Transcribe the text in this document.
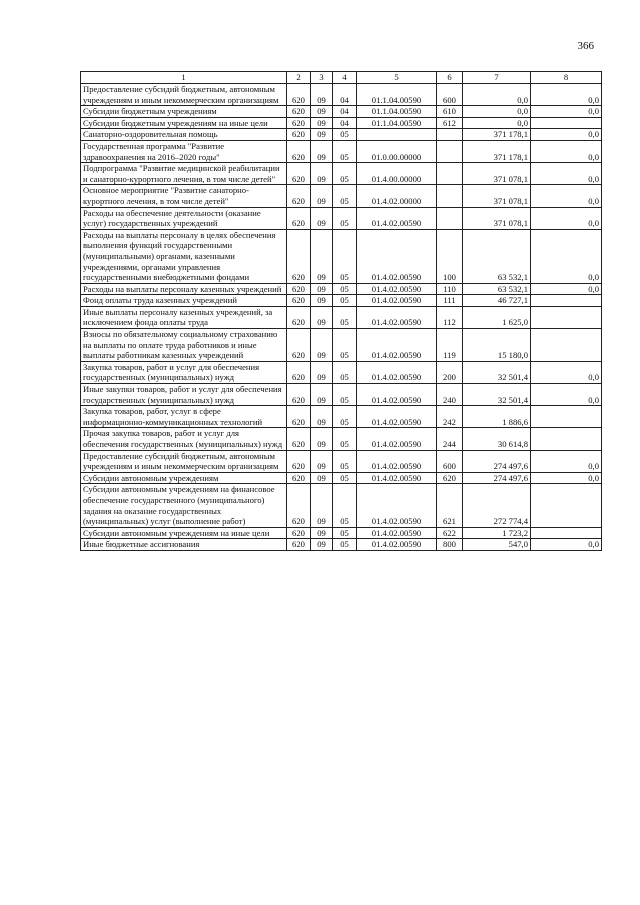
366
1	2	3	4	5	6	7	8
Предоставление субсидий бюджетным, автономным учреждениям и иным некоммерческим организациям	620	09	04	01.1.04.00590	600	0,0	0,0
Субсидии бюджетным учреждениям	620	09	04	01.1.04.00590	610	0,0	0,0
Субсидии бюджетным учреждениям на иные цели	620	09	04	01.1.04.00590	612	0,0	
Санаторно-оздоровительная помощь	620	09	05			371 178,1	0,0
Государственная программа "Развитие здравоохранения на 2016–2020 годы"	620	09	05	01.0.00.00000		371 178,1	0,0
Подпрограмма "Развитие медицинской реабилитации и санаторно-курортного лечения, в том числе детей"	620	09	05	01.4.00.00000		371 078,1	0,0
Основное мероприятие "Развитие санаторно-курортного лечения, в том числе детей"	620	09	05	01.4.02.00000		371 078,1	0,0
Расходы на обеспечение деятельности (оказание услуг) государственных учреждений	620	09	05	01.4.02.00590		371 078,1	0,0
Расходы на выплаты персоналу в целях обеспечения выполнения функций государственными (муниципальными) органами, казенными учреждениями, органами управления государственными внебюджетными фондами	620	09	05	01.4.02.00590	100	63 532,1	0,0
Расходы на выплаты персоналу казенных учреждений	620	09	05	01.4.02.00590	110	63 532,1	0,0
Фонд оплаты труда казенных учреждений	620	09	05	01.4.02.00590	111	46 727,1	
Иные выплаты персоналу казенных учреждений, за исключением фонда оплаты труда	620	09	05	01.4.02.00590	112	1 625,0	
Взносы по обязательному социальному страхованию на выплаты по оплате труда работников и иные выплаты работникам казенных учреждений	620	09	05	01.4.02.00590	119	15 180,0	
Закупка товаров, работ и услуг для обеспечения государственных (муниципальных) нужд	620	09	05	01.4.02.00590	200	32 501,4	0,0
Иные закупки товаров, работ и услуг для обеспечения государственных (муниципальных) нужд	620	09	05	01.4.02.00590	240	32 501,4	0,0
Закупка товаров, работ, услуг в сфере информационно-коммуникационных технологий	620	09	05	01.4.02.00590	242	1 886,6	
Прочая закупка товаров, работ и услуг для обеспечения государственных (муниципальных) нужд	620	09	05	01.4.02.00590	244	30 614,8	
Предоставление субсидий бюджетным, автономным учреждениям и иным некоммерческим организациям	620	09	05	01.4.02.00590	600	274 497,6	0,0
Субсидии автономным учреждениям	620	09	05	01.4.02.00590	620	274 497,6	0,0
Субсидии автономным учреждениям на финансовое обеспечение государственного (муниципального) задания на оказание государственных (муниципальных) услуг (выполнение работ)	620	09	05	01.4.02.00590	621	272 774,4	
Субсидии автономным учреждениям на иные цели	620	09	05	01.4.02.00590	622	1 723,2	
Иные бюджетные ассигнования	620	09	05	01.4.02.00590	800	547,0	0,0
